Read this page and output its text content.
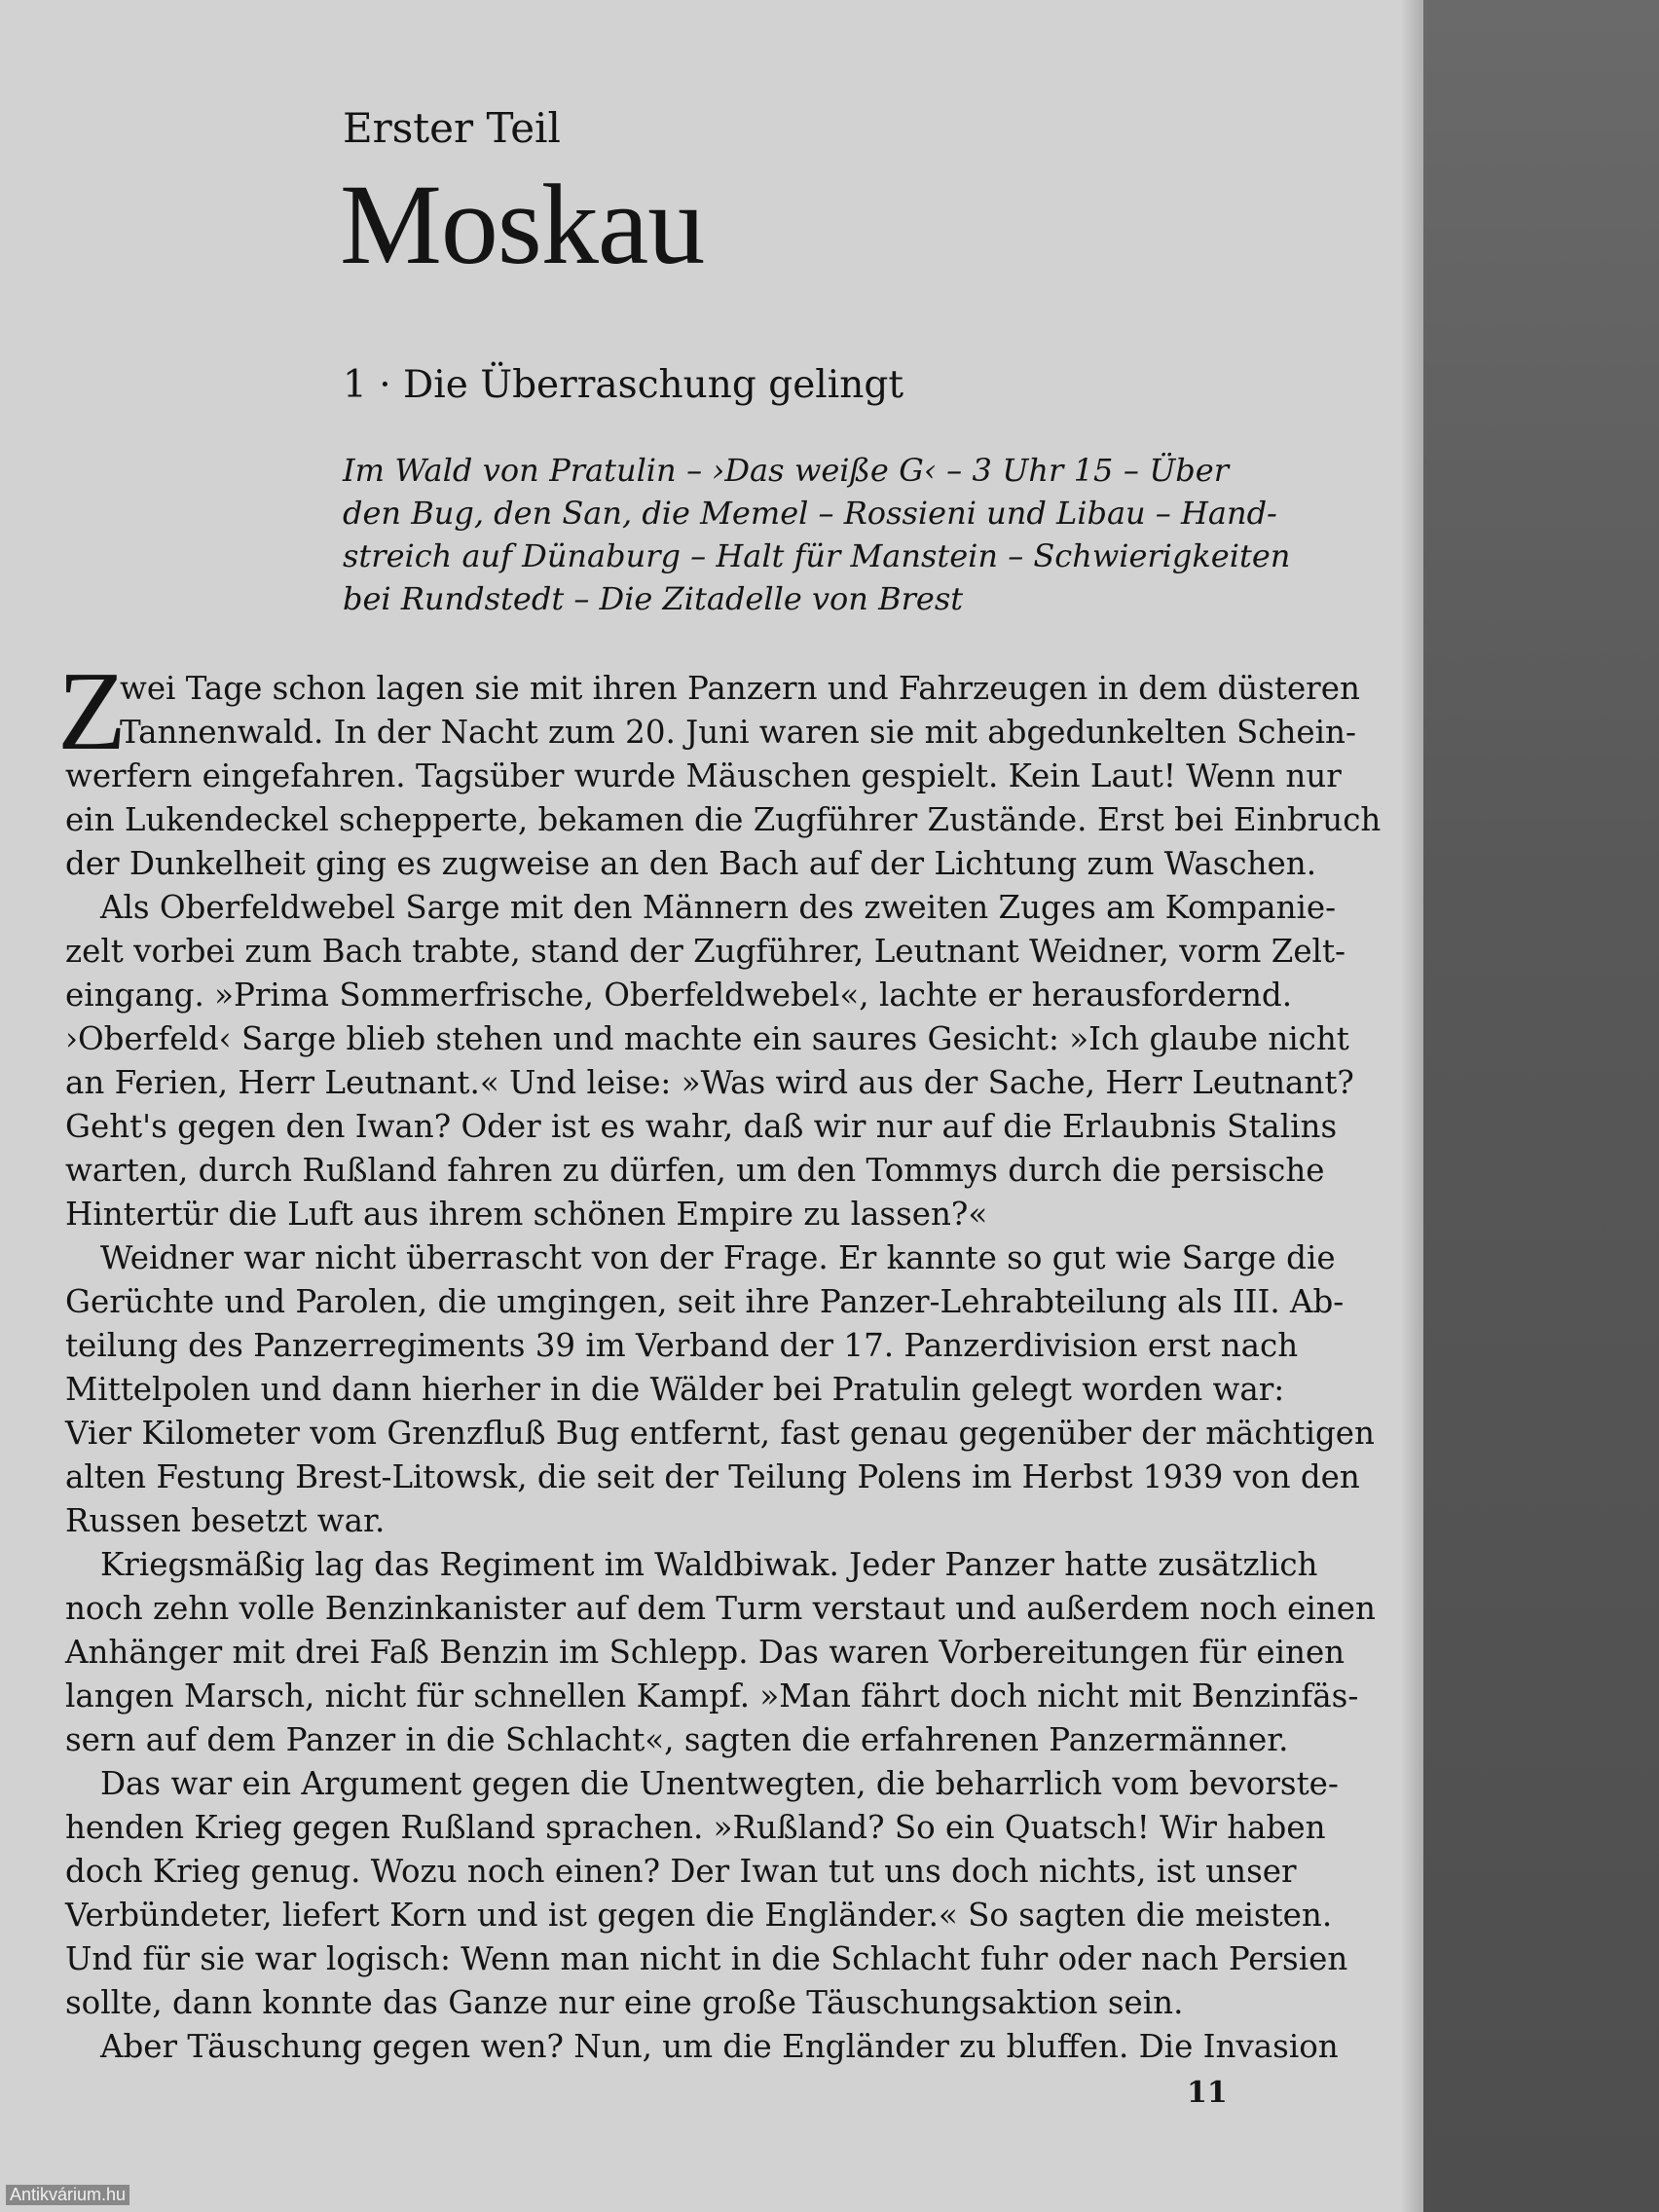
Erster Teil
Moskau
1 · Die Überraschung gelingt
Im Wald von Pratulin – ›Das weiße G‹ – 3 Uhr 15 – Über
den Bug, den San, die Memel – Rossieni und Libau – Hand-
streich auf Dünaburg – Halt für Manstein – Schwierigkeiten
bei Rundstedt – Die Zitadelle von Brest
Z
wei Tage schon lagen sie mit ihren Panzern und Fahrzeugen in dem düsteren
Tannenwald. In der Nacht zum 20. Juni waren sie mit abgedunkelten Schein-
werfern eingefahren. Tagsüber wurde Mäuschen gespielt. Kein Laut! Wenn nur
ein Lukendeckel schepperte, bekamen die Zugführer Zustände. Erst bei Einbruch
der Dunkelheit ging es zugweise an den Bach auf der Lichtung zum Waschen.
Als Oberfeldwebel Sarge mit den Männern des zweiten Zuges am Kompanie-
zelt vorbei zum Bach trabte, stand der Zugführer, Leutnant Weidner, vorm Zelt-
eingang. »Prima Sommerfrische, Oberfeldwebel«, lachte er herausfordernd.
›Oberfeld‹ Sarge blieb stehen und machte ein saures Gesicht: »Ich glaube nicht
an Ferien, Herr Leutnant.« Und leise: »Was wird aus der Sache, Herr Leutnant?
Geht's gegen den Iwan? Oder ist es wahr, daß wir nur auf die Erlaubnis Stalins
warten, durch Rußland fahren zu dürfen, um den Tommys durch die persische
Hintertür die Luft aus ihrem schönen Empire zu lassen?«
Weidner war nicht überrascht von der Frage. Er kannte so gut wie Sarge die
Gerüchte und Parolen, die umgingen, seit ihre Panzer-Lehrabteilung als III. Ab-
teilung des Panzerregiments 39 im Verband der 17. Panzerdivision erst nach
Mittelpolen und dann hierher in die Wälder bei Pratulin gelegt worden war:
Vier Kilometer vom Grenzfluß Bug entfernt, fast genau gegenüber der mächtigen
alten Festung Brest-Litowsk, die seit der Teilung Polens im Herbst 1939 von den
Russen besetzt war.
Kriegsmäßig lag das Regiment im Waldbiwak. Jeder Panzer hatte zusätzlich
noch zehn volle Benzinkanister auf dem Turm verstaut und außerdem noch einen
Anhänger mit drei Faß Benzin im Schlepp. Das waren Vorbereitungen für einen
langen Marsch, nicht für schnellen Kampf. »Man fährt doch nicht mit Benzinfäs-
sern auf dem Panzer in die Schlacht«, sagten die erfahrenen Panzermänner.
Das war ein Argument gegen die Unentwegten, die beharrlich vom bevorste-
henden Krieg gegen Rußland sprachen. »Rußland? So ein Quatsch! Wir haben
doch Krieg genug. Wozu noch einen? Der Iwan tut uns doch nichts, ist unser
Verbündeter, liefert Korn und ist gegen die Engländer.« So sagten die meisten.
Und für sie war logisch: Wenn man nicht in die Schlacht fuhr oder nach Persien
sollte, dann konnte das Ganze nur eine große Täuschungsaktion sein.
Aber Täuschung gegen wen? Nun, um die Engländer zu bluffen. Die Invasion
11
Antikvárium.hu
